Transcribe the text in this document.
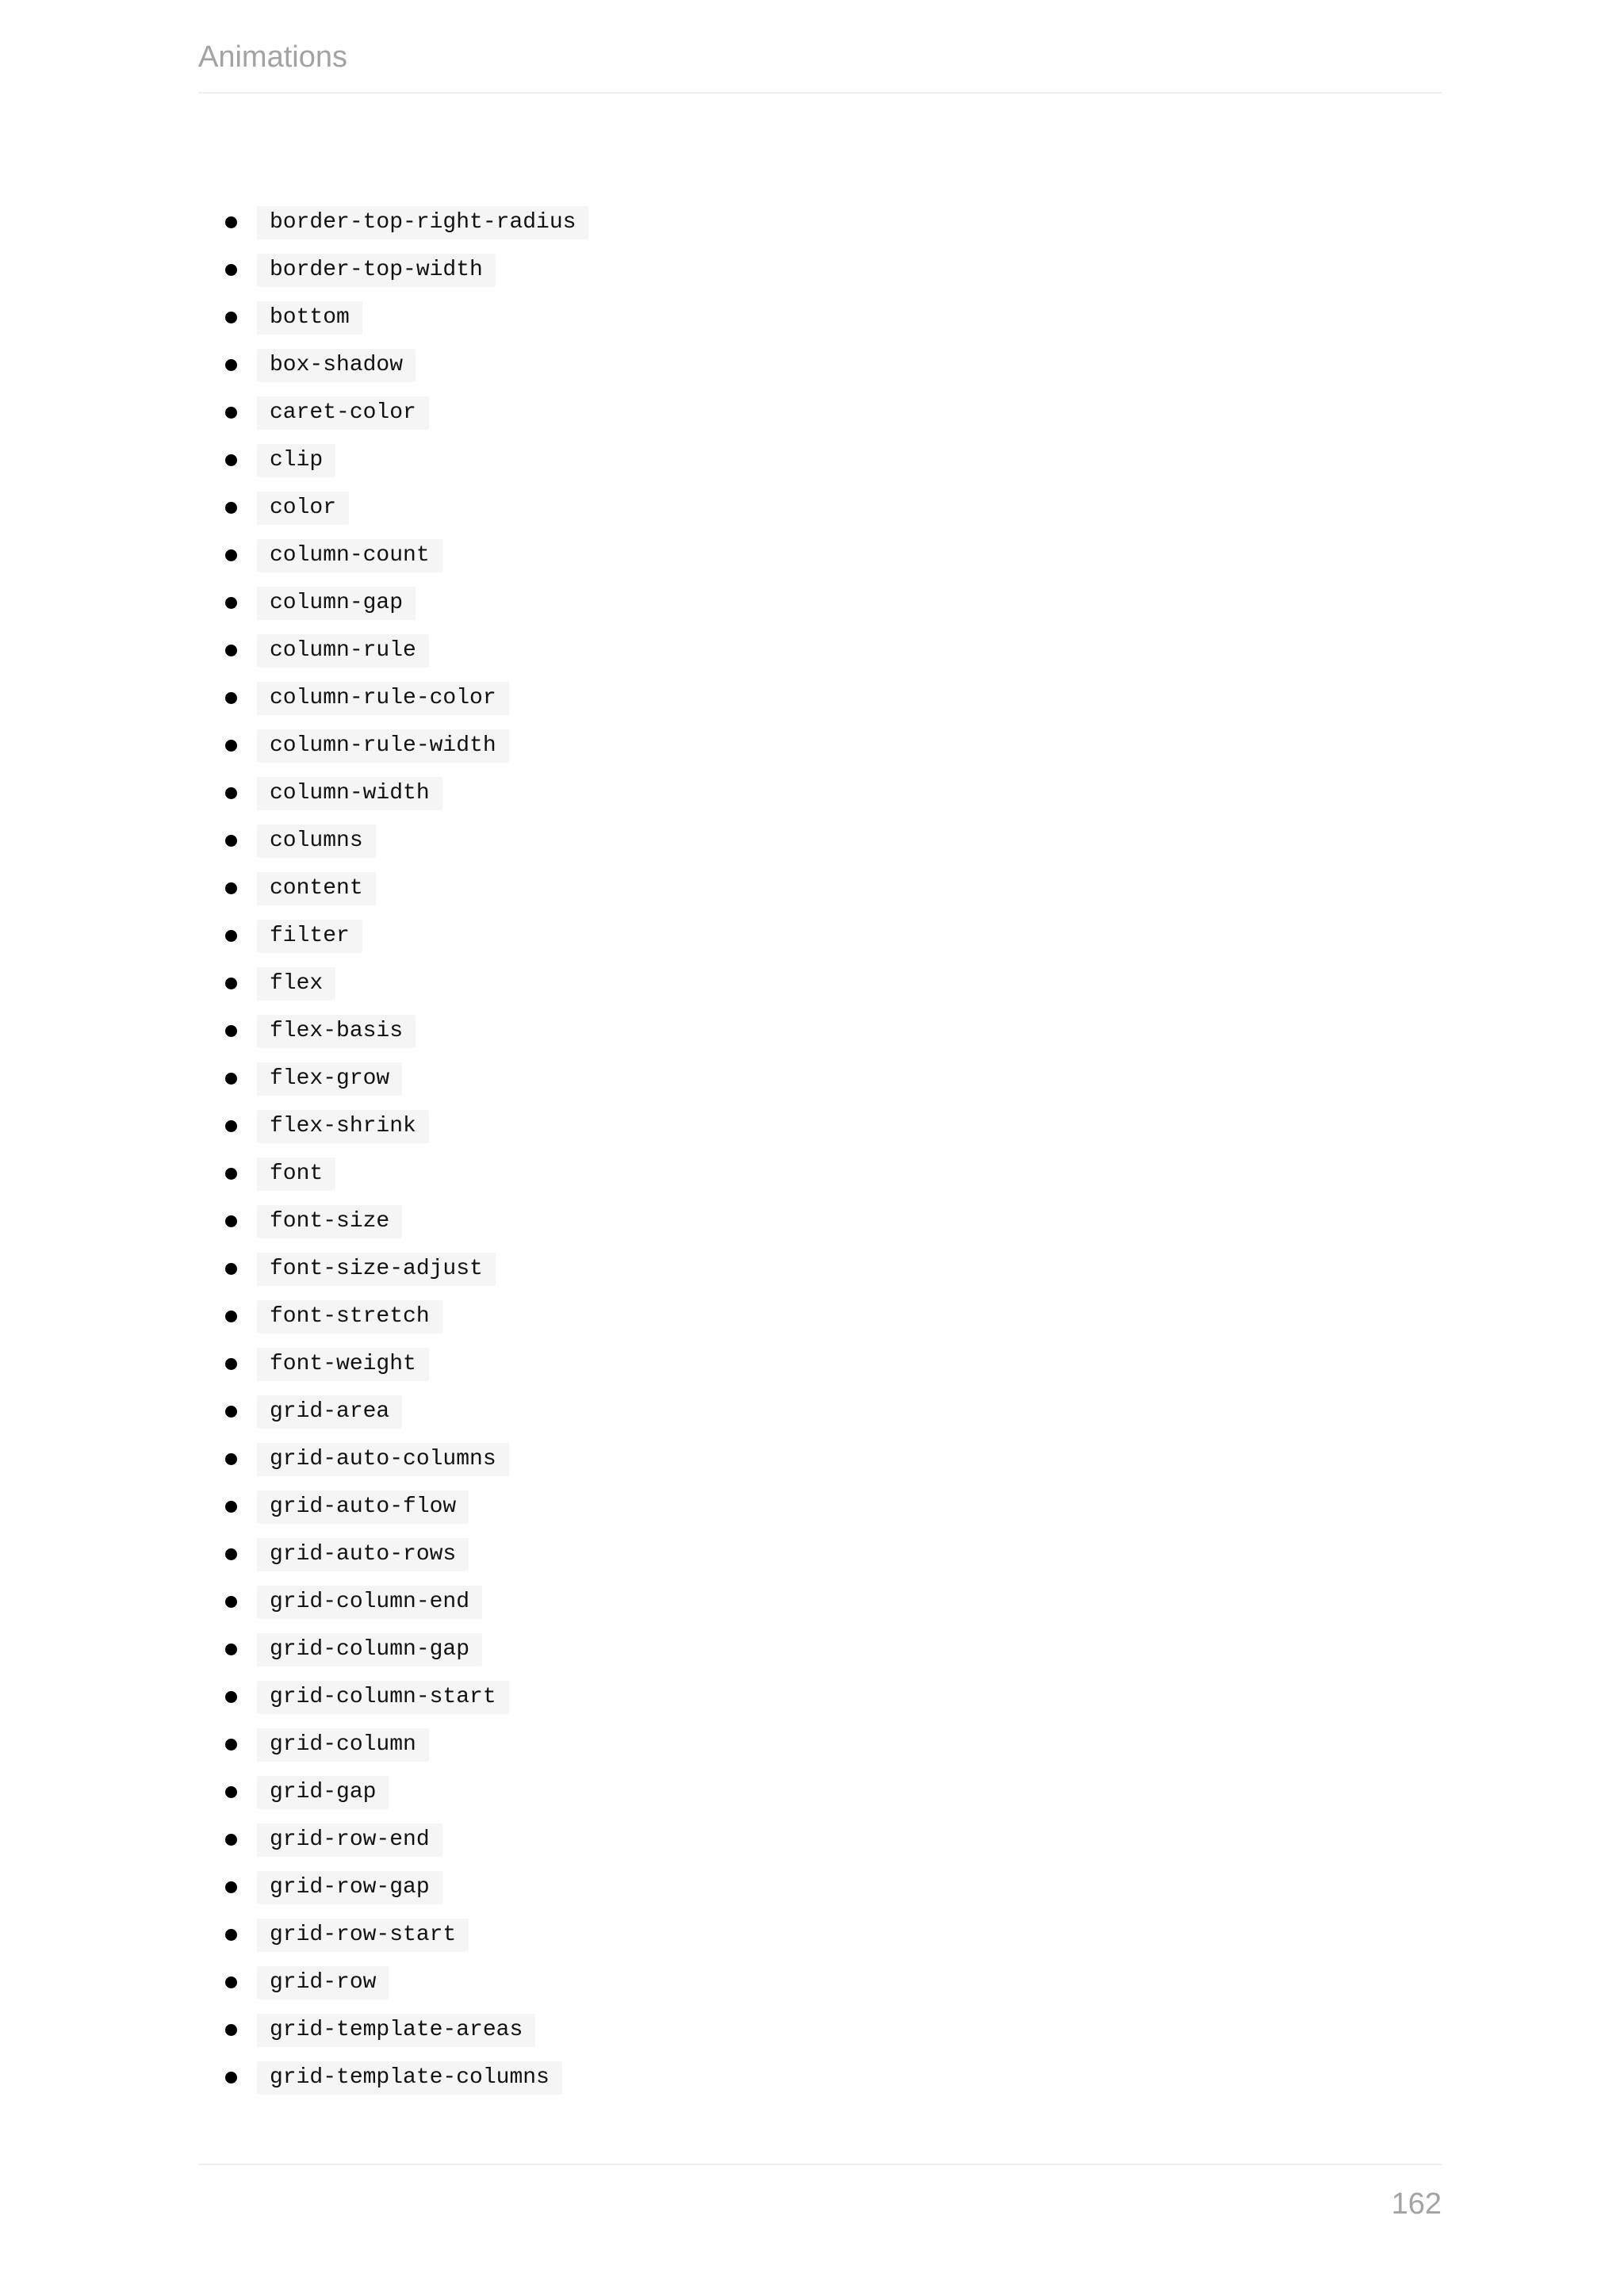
Animations
border-top-right-radius
border-top-width
bottom
box-shadow
caret-color
clip
color
column-count
column-gap
column-rule
column-rule-color
column-rule-width
column-width
columns
content
filter
flex
flex-basis
flex-grow
flex-shrink
font
font-size
font-size-adjust
font-stretch
font-weight
grid-area
grid-auto-columns
grid-auto-flow
grid-auto-rows
grid-column-end
grid-column-gap
grid-column-start
grid-column
grid-gap
grid-row-end
grid-row-gap
grid-row-start
grid-row
grid-template-areas
grid-template-columns
162
